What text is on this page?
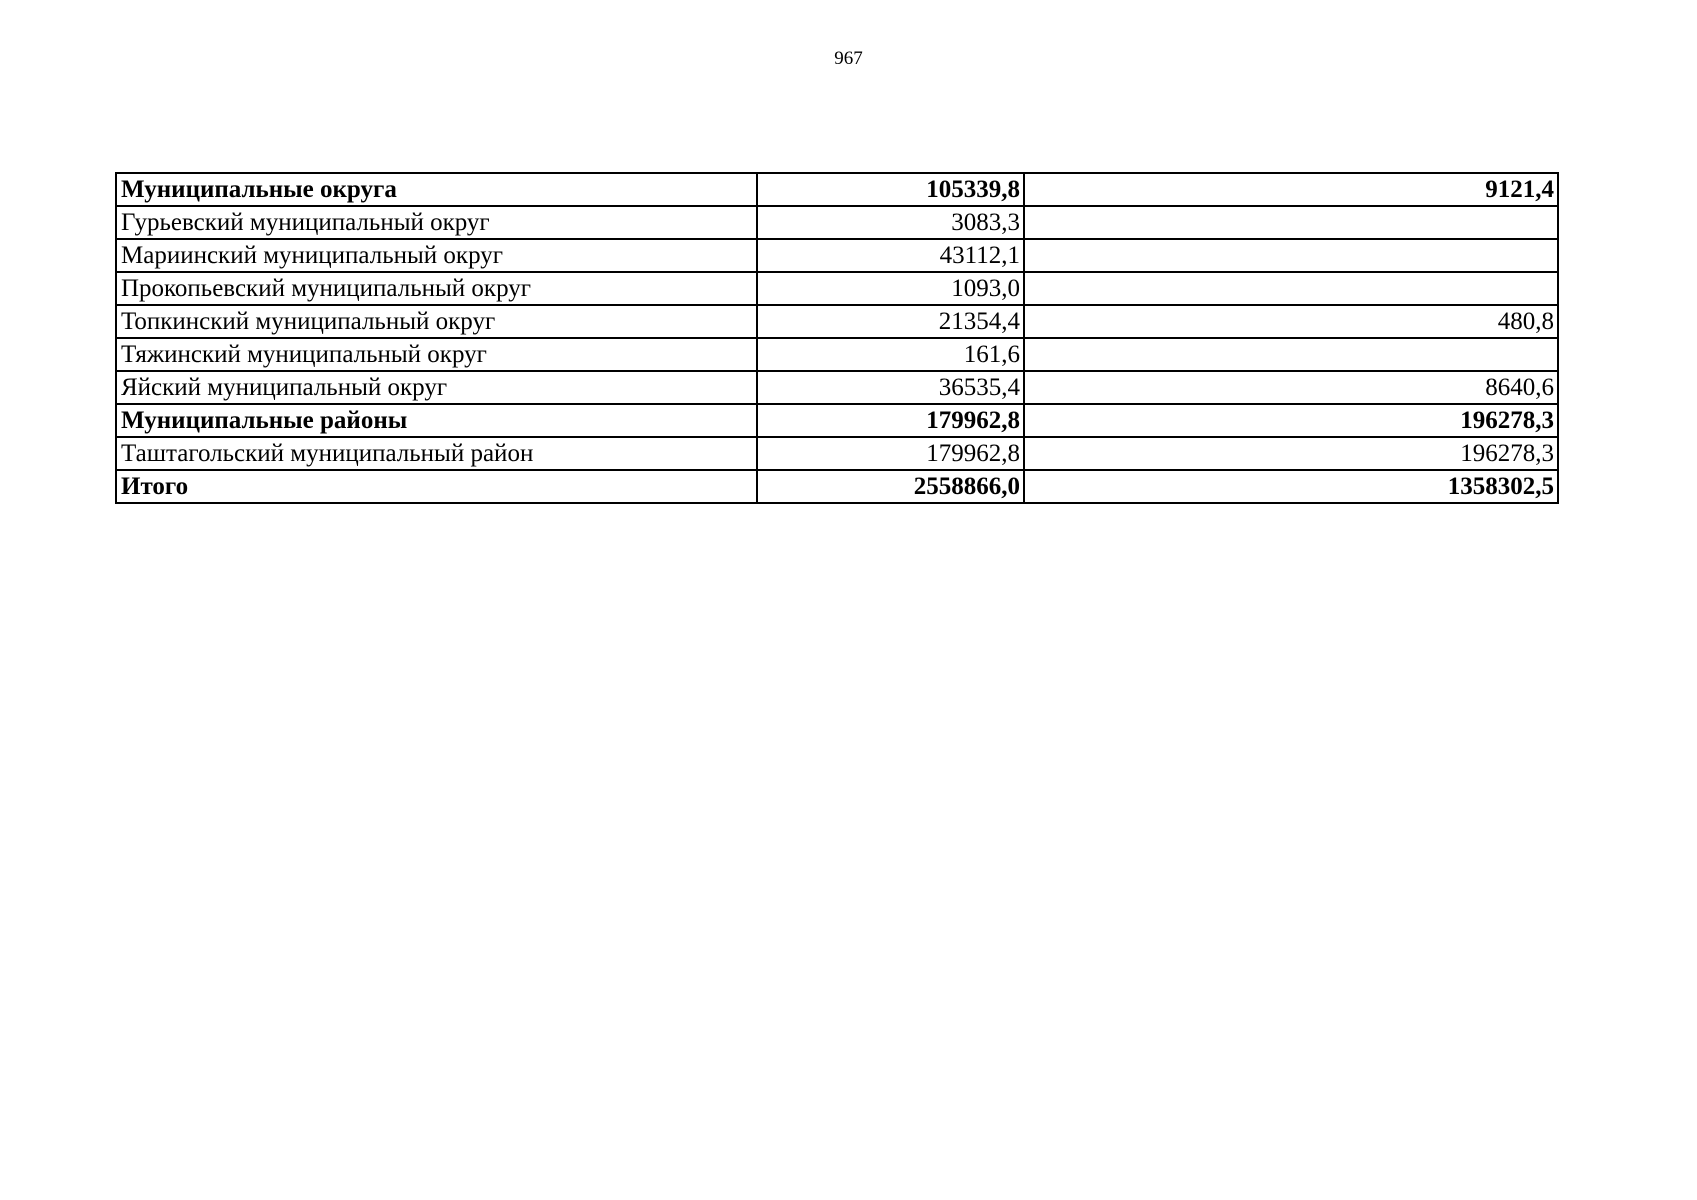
967
Муниципальные округа	105339,8	9121,4
Гурьевский муниципальный округ	3083,3	
Мариинский муниципальный округ	43112,1	
Прокопьевский муниципальный округ	1093,0	
Топкинский муниципальный округ	21354,4	480,8
Тяжинский муниципальный округ	161,6	
Яйский муниципальный округ	36535,4	8640,6
Муниципальные районы	179962,8	196278,3
Таштагольский муниципальный район	179962,8	196278,3
Итого	2558866,0	1358302,5
